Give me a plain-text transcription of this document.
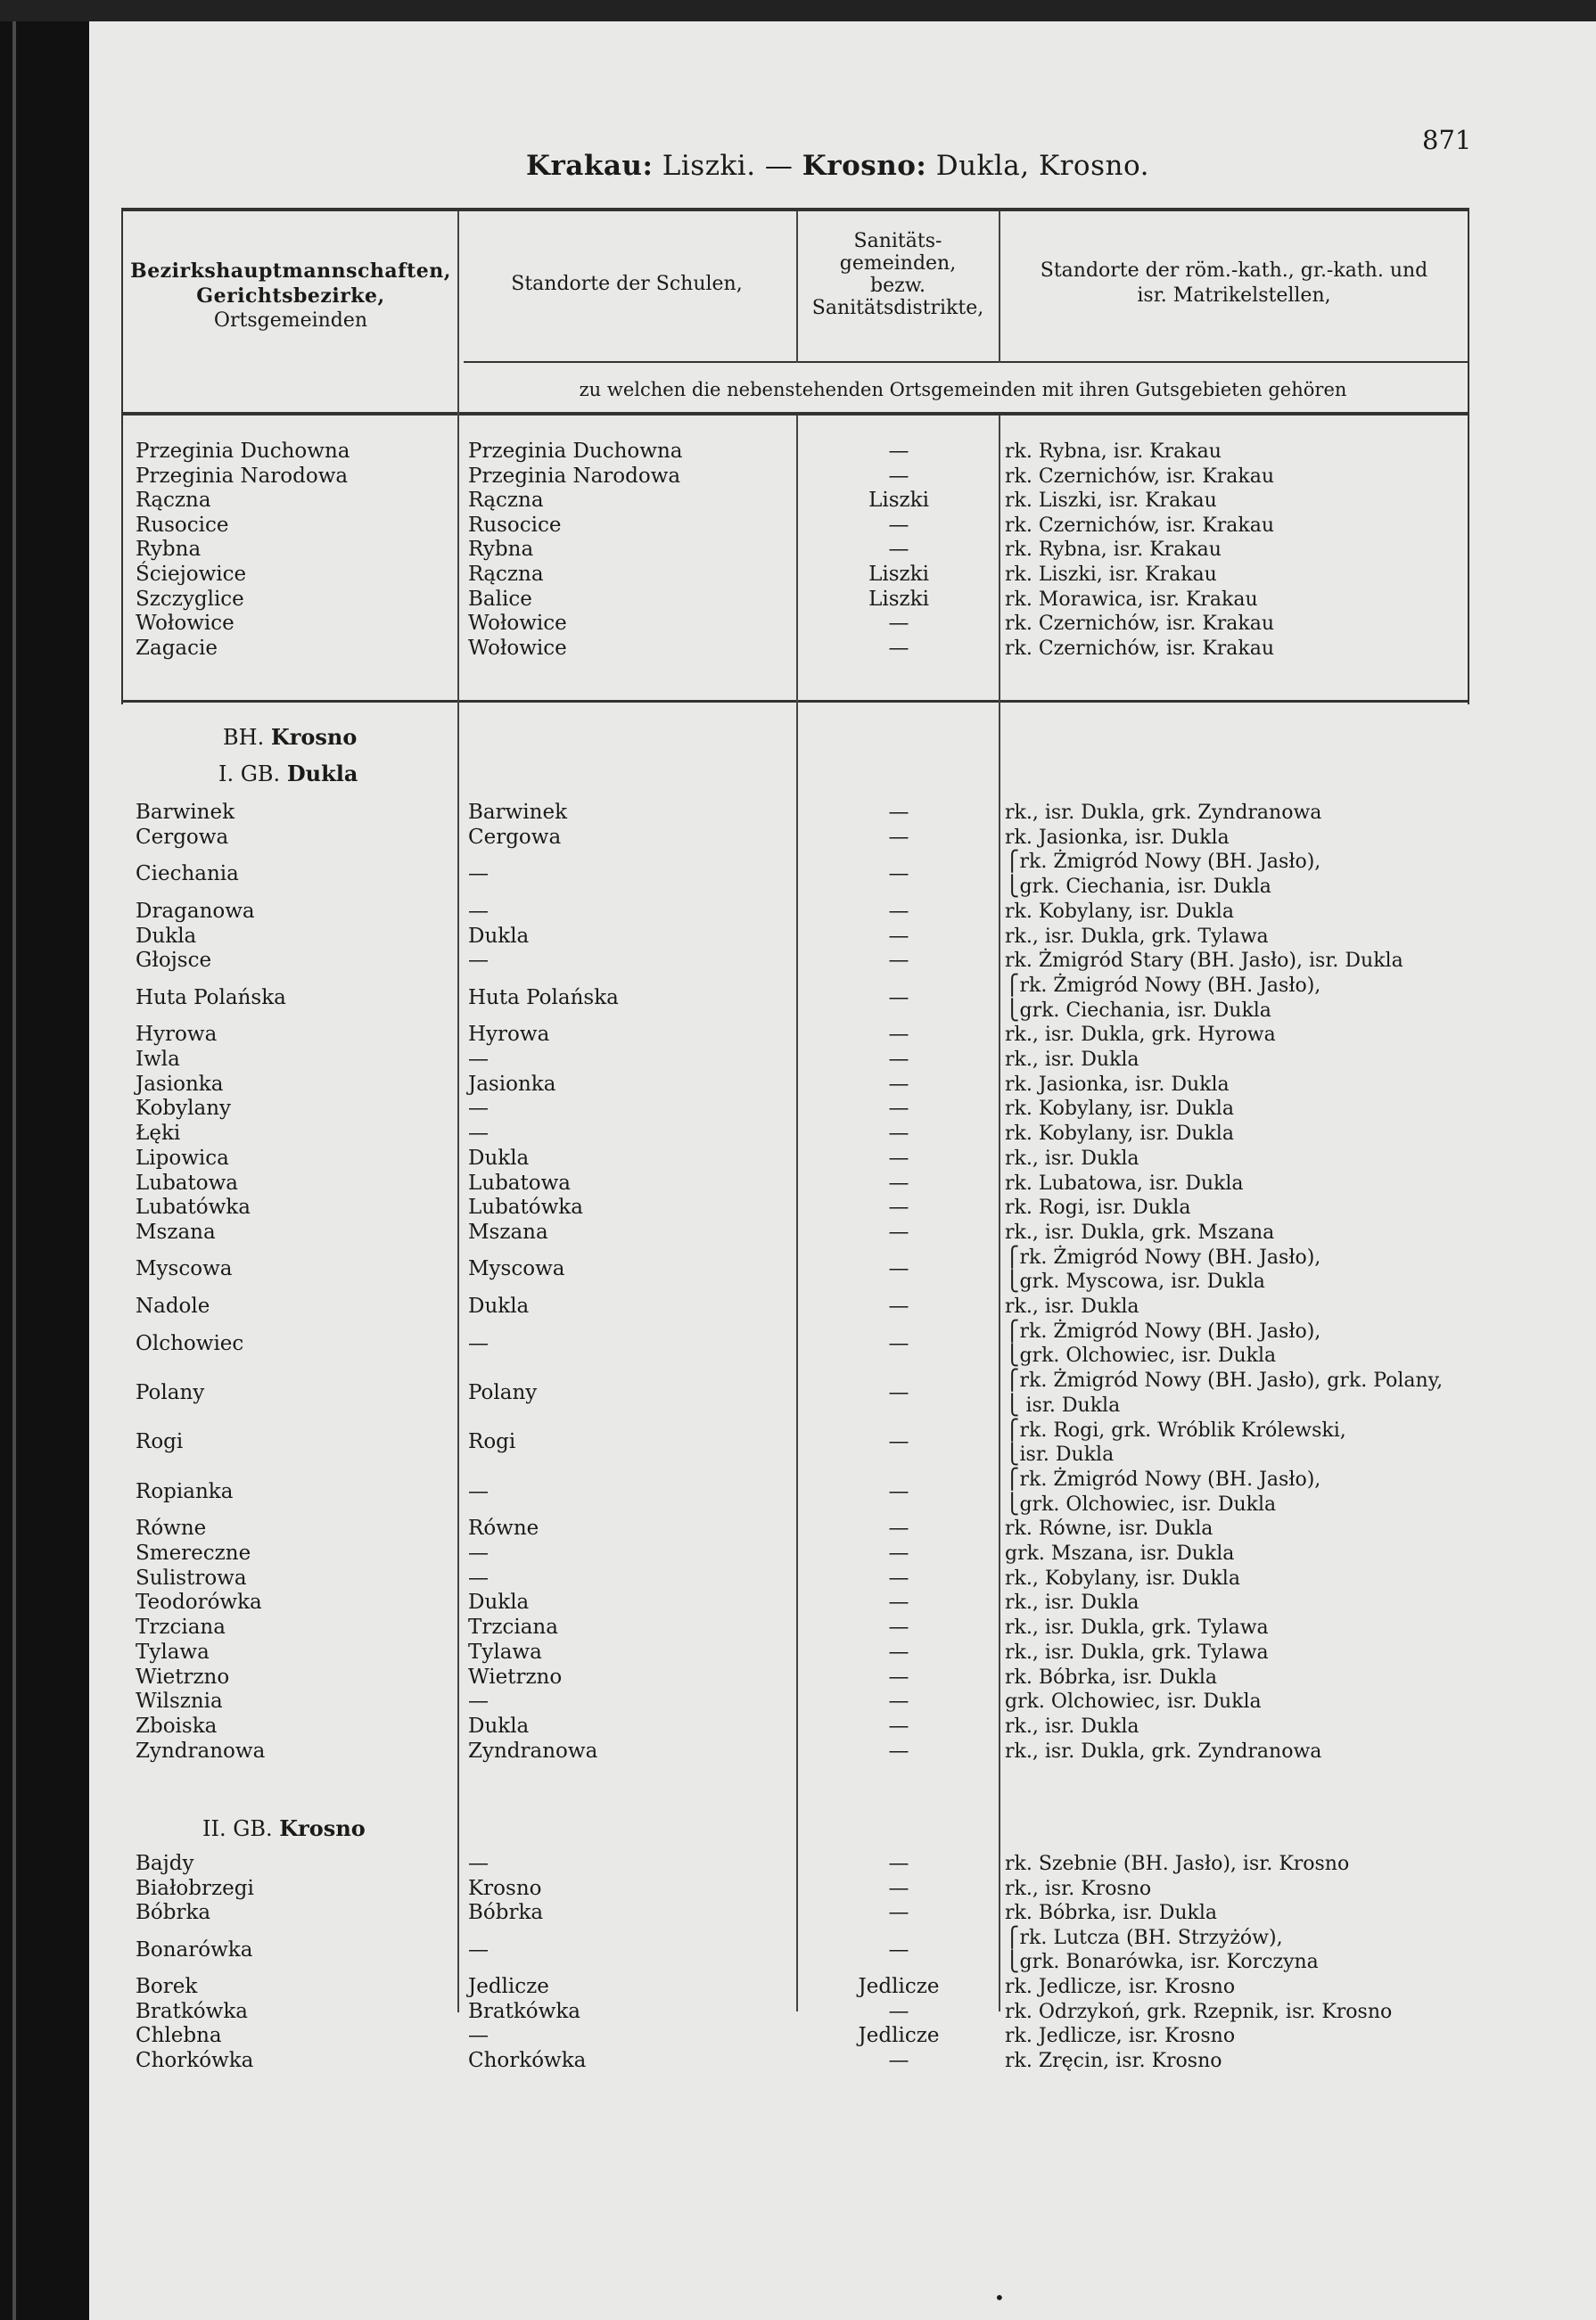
Krakau: Liszki. — Krosno: Dukla, Krosno.
871
Bezirkshauptmannschaften,
Gerichtsbezirke,
Ortsgemeinden
Standorte der Schulen,
Sanitäts-
gemeinden,
bezw.
Sanitätsdistrikte,
Standorte der röm.-kath., gr.-kath. und
isr. Matrikelstellen,
zu welchen die nebenstehenden Ortsgemeinden mit ihren Gutsgebieten gehören
Przeginia Duchowna	Przeginia Duchowna	—	rk. Rybna, isr. Krakau
Przeginia Narodowa	Przeginia Narodowa	—	rk. Czernichów, isr. Krakau
Rączna	Rączna	Liszki	rk. Liszki, isr. Krakau
Rusocice	Rusocice	—	rk. Czernichów, isr. Krakau
Rybna	Rybna	—	rk. Rybna, isr. Krakau
Ściejowice	Rączna	Liszki	rk. Liszki, isr. Krakau
Szczyglice	Balice	Liszki	rk. Morawica, isr. Krakau
Wołowice	Wołowice	—	rk. Czernichów, isr. Krakau
Zagacie	Wołowice	—	rk. Czernichów, isr. Krakau
BH. Krosno
I. GB. Dukla
Barwinek	Barwinek	—	rk., isr. Dukla, grk. Zyndranowa
Cergowa	Cergowa	—	rk. Jasionka, isr. Dukla
Ciechania	—	—
⎧rk. Żmigród Nowy (BH. Jasło),
⎩grk. Ciechania, isr. Dukla
Draganowa	—	—	rk. Kobylany, isr. Dukla
Dukla	Dukla	—	rk., isr. Dukla, grk. Tylawa
Głojsce	—	—	rk. Żmigród Stary (BH. Jasło), isr. Dukla
Huta Polańska	Huta Polańska	—
⎧rk. Żmigród Nowy (BH. Jasło),
⎩grk. Ciechania, isr. Dukla
Hyrowa	Hyrowa	—	rk., isr. Dukla, grk. Hyrowa
Iwla	—	—	rk., isr. Dukla
Jasionka	Jasionka	—	rk. Jasionka, isr. Dukla
Kobylany	—	—	rk. Kobylany, isr. Dukla
Łęki	—	—	rk. Kobylany, isr. Dukla
Lipowica	Dukla	—	rk., isr. Dukla
Lubatowa	Lubatowa	—	rk. Lubatowa, isr. Dukla
Lubatówka	Lubatówka	—	rk. Rogi, isr. Dukla
Mszana	Mszana	—	rk., isr. Dukla, grk. Mszana
Myscowa	Myscowa	—
⎧rk. Żmigród Nowy (BH. Jasło),
⎩grk. Myscowa, isr. Dukla
Nadole	Dukla	—	rk., isr. Dukla
Olchowiec	—	—
⎧rk. Żmigród Nowy (BH. Jasło),
⎩grk. Olchowiec, isr. Dukla
Polany	Polany	—
⎧rk. Żmigród Nowy (BH. Jasło), grk. Polany,
⎩ isr. Dukla
Rogi	Rogi	—
⎧rk. Rogi, grk. Wróblik Królewski,
⎩isr. Dukla
Ropianka	—	—
⎧rk. Żmigród Nowy (BH. Jasło),
⎩grk. Olchowiec, isr. Dukla
Równe	Równe	—	rk. Równe, isr. Dukla
Smereczne	—	—	grk. Mszana, isr. Dukla
Sulistrowa	—	—	rk., Kobylany, isr. Dukla
Teodorówka	Dukla	—	rk., isr. Dukla
Trzciana	Trzciana	—	rk., isr. Dukla, grk. Tylawa
Tylawa	Tylawa	—	rk., isr. Dukla, grk. Tylawa
Wietrzno	Wietrzno	—	rk. Bóbrka, isr. Dukla
Wilsznia	—	—	grk. Olchowiec, isr. Dukla
Zboiska	Dukla	—	rk., isr. Dukla
Zyndranowa	Zyndranowa	—	rk., isr. Dukla, grk. Zyndranowa
II. GB. Krosno
Bajdy	—	—	rk. Szebnie (BH. Jasło), isr. Krosno
Białobrzegi	Krosno	—	rk., isr. Krosno
Bóbrka	Bóbrka	—	rk. Bóbrka, isr. Dukla
Bonarówka	—	—
⎧rk. Lutcza (BH. Strzyżów),
⎩grk. Bonarówka, isr. Korczyna
Borek	Jedlicze	Jedlicze	rk. Jedlicze, isr. Krosno
Bratkówka	Bratkówka	—	rk. Odrzykoń, grk. Rzepnik, isr. Krosno
Chlebna	—	Jedlicze	rk. Jedlicze, isr. Krosno
Chorkówka	Chorkówka	—	rk. Zręcin, isr. Krosno
•
